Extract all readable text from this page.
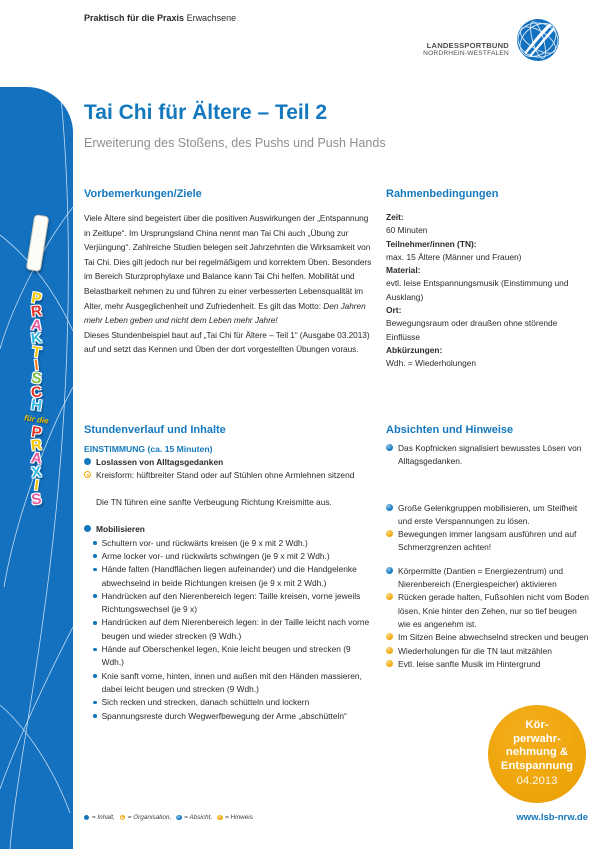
Praktisch für die Praxis Erwachsene
LANDESSPORTBUND
NORDRHEIN-WESTFALEN
P
R
A
K
T
I
S
C
H
für die
P
R
A
X
I
S
Tai Chi für Ältere – Teil 2
Erweiterung des Stoßens, des Pushs und Push Hands
Vorbemerkungen/Ziele

Viele Ältere sind begeistert über die positiven Auswirkungen der „Entspannung in Zeitlupe“. Im Ursprungsland China nennt man Tai Chi auch „Übung zur Verjüngung“. Zahlreiche Studien belegen seit Jahrzehnten die Wirksamkeit von Tai Chi. Dies gilt jedoch nur bei regelmäßigem und korrektem Üben. Besonders im Bereich Sturzprophylaxe und Balance kann Tai Chi helfen. Mobilität und Belastbarkeit nehmen zu und führen zu einer verbesserten Lebensqualität im Alter, mehr Ausgeglichenheit und Zufriedenheit. Es gilt das Motto: Den Jahren mehr Leben geben und nicht dem Leben mehr Jahre!
Dieses Stundenbeispiel baut auf „Tai Chi für Ältere – Teil 1“ (Ausgabe 03.2013) auf und setzt das Kennen und Üben der dort vorgestellten Übungen voraus.

Rahmenbedingungen
Zeit:
60 Minuten
Teilnehmer/innen (TN):
max. 15 Ältere (Männer und Frauen)
Material:
evtl. leise Entspannungsmusik (Einstimmung und Ausklang)
Ort:
Bewegungsraum oder draußen ohne störende Einflüsse
Abkürzungen:
Wdh. = Wiederholungen
Stundenverlauf und Inhalte
EINSTIMMUNG (ca. 15 Minuten)
Loslassen von Alltagsgedanken
Kreisform: hüftbreiter Stand oder auf Stühlen ohne Armlehnen sitzend
Die TN führen eine sanfte Verbeugung Richtung Kreismitte aus.
Mobilisieren
Schultern vor- und rückwärts kreisen (je 9 x mit 2 Wdh.)
Arme locker vor- und rückwärts schwingen (je 9 x mit 2 Wdh.)
Hände falten (Handflächen liegen aufeinander) und die Handgelenke abwechselnd in beide Richtungen kreisen (je 9 x mit 2 Wdh.)
Handrücken auf den Nierenbereich legen: Taille kreisen, vorne jeweils Richtungswechsel (je 9 x)
Handrücken auf dem Nierenbereich legen: in der Taille leicht nach vorne beugen und wieder strecken (9 Wdh.)
Hände auf Oberschenkel legen, Knie leicht beugen und strecken (9 Wdh.)
Knie sanft vorne, hinten, innen und außen mit den Händen massieren, dabei leicht beugen und strecken (9 Wdh.)
Sich recken und strecken, danach schütteln und lockern
Spannungsreste durch Wegwerfbewegung der Arme „abschütteln“
Absichten und Hinweise
Das Kopfnicken signalisiert bewusstes Lösen von Alltagsgedanken.
Große Gelenkgruppen mobilisieren, um Steifheit und erste Verspannungen zu lösen.
Bewegungen immer langsam ausführen und auf Schmerzgrenzen achten!
Körpermitte (Dantien = Energiezentrum) und Nierenbereich (Energiespeicher) aktivieren
Rücken gerade halten, Fußsohlen nicht vom Boden lösen, Knie hinter den Zehen, nur so tief beugen wie es angenehm ist.
Im Sitzen Beine abwechselnd strecken und beugen
Wiederholungen für die TN laut mitzählen
Evtl. leise sanfte Musik im Hintergrund
Kör-
perwahr-
nehmung &
Entspannung
04.2013
= Inhalt, = Organisation, = Absicht, = Hinweis	www.lsb-nrw.de
